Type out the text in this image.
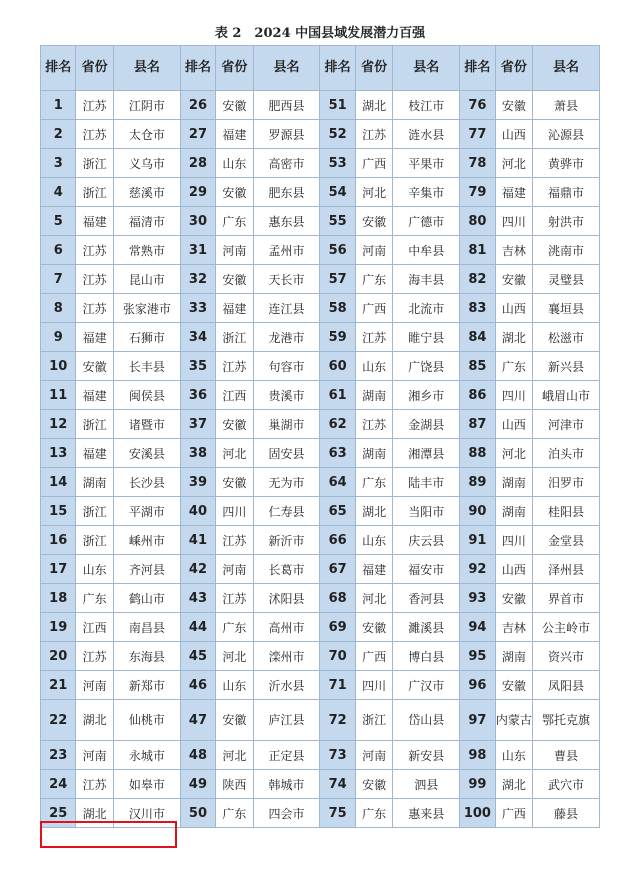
表 2　2024 中国县域发展潜力百强
排名	省份	县名	排名	省份	县名	排名	省份	县名	排名	省份	县名
1	江苏	江阴市	26	安徽	肥西县	51	湖北	枝江市	76	安徽	萧县
2	江苏	太仓市	27	福建	罗源县	52	江苏	涟水县	77	山西	沁源县
3	浙江	义乌市	28	山东	高密市	53	广西	平果市	78	河北	黄骅市
4	浙江	慈溪市	29	安徽	肥东县	54	河北	辛集市	79	福建	福鼎市
5	福建	福清市	30	广东	惠东县	55	安徽	广德市	80	四川	射洪市
6	江苏	常熟市	31	河南	孟州市	56	河南	中牟县	81	吉林	洮南市
7	江苏	昆山市	32	安徽	天长市	57	广东	海丰县	82	安徽	灵璧县
8	江苏	张家港市	33	福建	连江县	58	广西	北流市	83	山西	襄垣县
9	福建	石狮市	34	浙江	龙港市	59	江苏	睢宁县	84	湖北	松滋市
10	安徽	长丰县	35	江苏	句容市	60	山东	广饶县	85	广东	新兴县
11	福建	闽侯县	36	江西	贵溪市	61	湖南	湘乡市	86	四川	峨眉山市
12	浙江	诸暨市	37	安徽	巢湖市	62	江苏	金湖县	87	山西	河津市
13	福建	安溪县	38	河北	固安县	63	湖南	湘潭县	88	河北	泊头市
14	湖南	长沙县	39	安徽	无为市	64	广东	陆丰市	89	湖南	汨罗市
15	浙江	平湖市	40	四川	仁寿县	65	湖北	当阳市	90	湖南	桂阳县
16	浙江	嵊州市	41	江苏	新沂市	66	山东	庆云县	91	四川	金堂县
17	山东	齐河县	42	河南	长葛市	67	福建	福安市	92	山西	泽州县
18	广东	鹤山市	43	江苏	沭阳县	68	河北	香河县	93	安徽	界首市
19	江西	南昌县	44	广东	高州市	69	安徽	濉溪县	94	吉林	公主岭市
20	江苏	东海县	45	河北	滦州市	70	广西	博白县	95	湖南	资兴市
21	河南	新郑市	46	山东	沂水县	71	四川	广汉市	96	安徽	凤阳县
22	湖北	仙桃市	47	安徽	庐江县	72	浙江	岱山县	97	内蒙古	鄂托克旗
23	河南	永城市	48	河北	正定县	73	河南	新安县	98	山东	曹县
24	江苏	如皋市	49	陕西	韩城市	74	安徽	泗县	99	湖北	武穴市
25	湖北	汉川市	50	广东	四会市	75	广东	惠来县	100	广西	藤县
